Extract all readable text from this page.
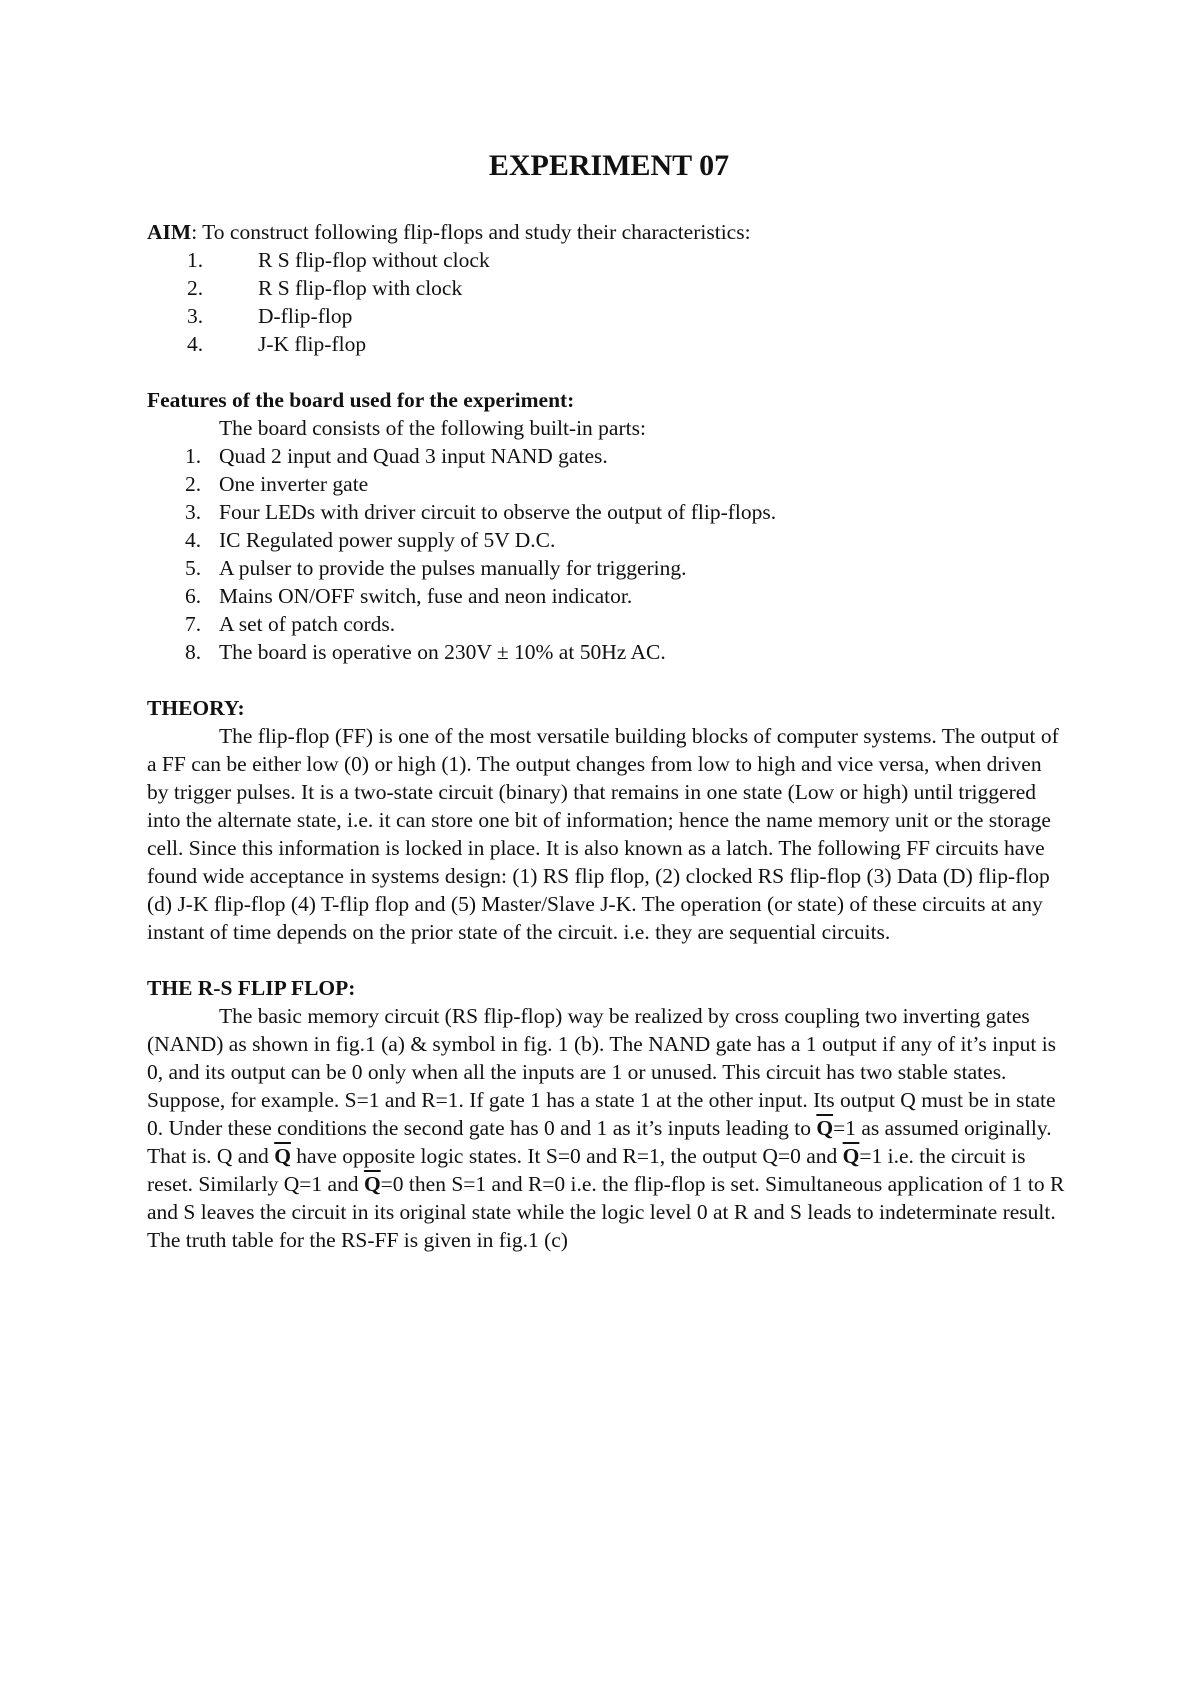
EXPERIMENT 07

AIM: To construct following flip-flops and study their characteristics:

1.	R S flip-flop without clock
2.	R S flip-flop with clock
3.	D-flip-flop
4.	J-K flip-flop

Features of the board used for the experiment:

The board consists of the following built-in parts:

1. Quad 2 input and Quad 3 input NAND gates.
2. One inverter gate
3. Four LEDs with driver circuit to observe the output of flip-flops.
4. IC Regulated power supply of 5V D.C.
5. A pulser to provide the pulses manually for triggering.
6. Mains ON/OFF switch, fuse and neon indicator.
7. A set of patch cords.
8. The board is operative on 230V ± 10% at 50Hz AC.

THEORY:

The flip-flop (FF) is one of the most versatile building blocks of computer systems. The output of a FF can be either low (0) or high (1). The output changes from low to high and vice versa, when driven by trigger pulses. It is a two-state circuit (binary) that remains in one state (Low or high) until triggered into the alternate state, i.e. it can store one bit of information; hence the name memory unit or the storage cell. Since this information is locked in place. It is also known as a latch. The following FF circuits have found wide acceptance in systems design: (1) RS flip flop, (2) clocked RS flip-flop (3) Data (D) flip-flop (d) J-K flip-flop (4) T-flip flop and (5) Master/Slave J-K. The operation (or state) of these circuits at any instant of time depends on the prior state of the circuit. i.e. they are sequential circuits.

THE R-S FLIP FLOP:

The basic memory circuit (RS flip-flop) way be realized by cross coupling two inverting gates (NAND) as shown in fig.1 (a) & symbol in fig. 1 (b). The NAND gate has a 1 output if any of it’s input is 0, and its output can be 0 only when all the inputs are 1 or unused. This circuit has two stable states. Suppose, for example. S=1 and R=1. If gate 1 has a state 1 at the other input. Its output Q must be in state 0. Under these conditions the second gate has 0 and 1 as it’s inputs leading to $\overline{Q}=1$ as assumed originally. That is. Q and $\overline{Q}$ have opposite logic states. It S=0 and R=1, the output Q=0 and $\overline{Q}=1$ i.e. the circuit is reset. Similarly Q=1 and $\overline{Q}=0$ then S=1 and R=0 i.e. the flip-flop is set. Simultaneous application of 1 to R and S leaves the circuit in its original state while the logic level 0 at R and S leads to indeterminate result. The truth table for the RS-FF is given in fig.1 (c)
